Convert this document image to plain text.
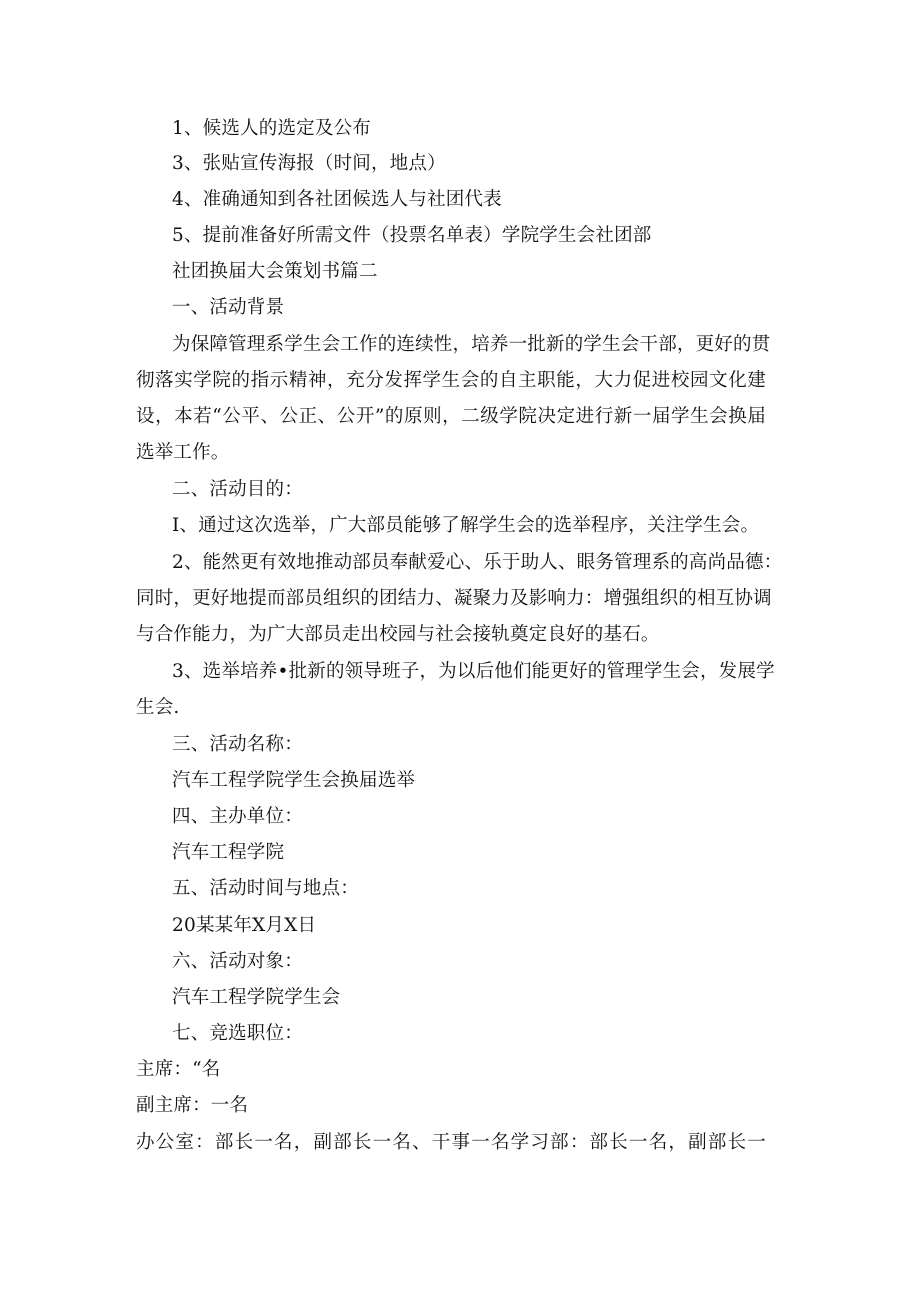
1、候选人的选定及公布
3、张贴宣传海报（时间，地点）
4、准确通知到各社团候选人与社团代表
5、提前准备好所需文件（投票名单表）学院学生会社团部
社团换届大会策划书篇二
一、活动背景
为保障管理系学生会工作的连续性，培养一批新的学生会干部，更好的贯
彻落实学院的指示精神，充分发挥学生会的自主职能，大力促进校园文化建
设，本若“公平、公正、公开”的原则，二级学院决定进行新一届学生会换届
选举工作。
二、活动目的：
I、通过这次选举，广大部员能够了解学生会的选举程序，关注学生会。
2、能然更有效地推动部员奉献爱心、乐于助人、眼务管理系的高尚品德：
同时，更好地提而部员组织的团结力、凝聚力及影响力：增强组织的相互协调
与合作能力，为广大部员走出校园与社会接轨奠定良好的基石。
3、选举培养•批新的领导班子，为以后他们能更好的管理学生会，发展学
生会.
三、活动名称：
汽车工程学院学生会换届选举
四、主办单位：
汽车工程学院
五、活动时间与地点：
20某某年X月X日
六、活动对象：
汽车工程学院学生会
七、竞选职位：
主席：“名
副主席：一名
办公室：部长一名，副部长一名、干事一名学习部：部长一名，副部长一
